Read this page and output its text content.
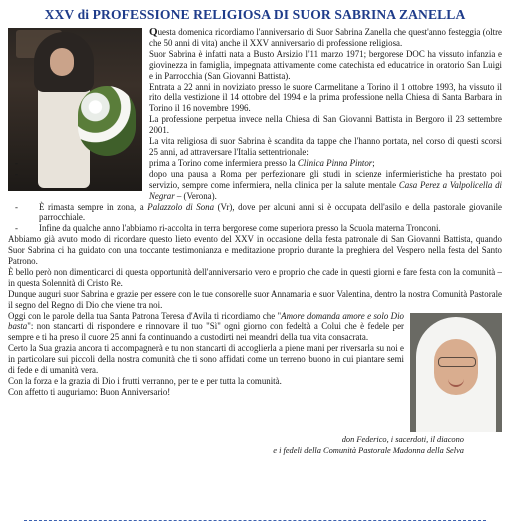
XXV di PROFESSIONE RELIGIOSA DI SUOR SABRINA ZANELLA

Questa domenica ricordiamo l'anniversario di Suor Sabrina Zanella che quest'anno festeggia (oltre che 50 anni di vita) anche il XXV anniversario di professione religiosa.

Suor Sabrina è infatti nata a Busto Arsizio l'11 marzo 1971; bergorese DOC ha vissuto infanzia e giovinezza in famiglia, impegnata attivamente come catechista ed educatrice in oratorio San Luigi e in Parrocchia (San Giovanni Battista).

Entrata a 22 anni in noviziato presso le suore Carmelitane a Torino il 1 ottobre 1993, ha vissuto il rito della vestizione il 14 ottobre del 1994 e la prima professione nella Chiesa di Santa Barbara in Torino il 16 novembre 1996.

La professione perpetua invece nella Chiesa di San Giovanni Battista in Bergoro il 23 settembre 2001.

La vita religiosa di suor Sabrina è scandita da tappe che l'hanno portata, nel corso di questi scorsi 25 anni, ad attraversare l'Italia settentrionale:

- prima a Torino come infermiera presso la Clinica Pinna Pintor;
- dopo una pausa a Roma per perfezionare gli studi in scienze infermieristiche ha prestato poi servizio, sempre come infermiera, nella clinica per la salute mentale Casa Perez a Valpolicella di Negrar – (Verona).
- È rimasta sempre in zona, a Palazzolo di Sona (Vr), dove per alcuni anni si è occupata dell'asilo e della pastorale giovanile parrocchiale.
- Infine da qualche anno l'abbiamo ri-accolta in terra bergorese come superiora presso la Scuola materna Tronconi.

Abbiamo già avuto modo di ricordare questo lieto evento del XXV in occasione della festa patronale di San Giovanni Battista, quando Suor Sabrina ci ha guidato con una toccante testimonianza e meditazione proprio durante la preghiera del Vespero nella festa del Santo Patrono.

È bello però non dimenticarci di questa opportunità dell'anniversario vero e proprio che cade in questi giorni e fare festa con la comunità – in questa Solennità di Cristo Re.

Dunque auguri suor Sabrina e grazie per essere con le tue consorelle suor Annamaria e suor Valentina, dentro la nostra Comunità Pastorale il segno del Regno di Dio che viene tra noi.

Oggi con le parole della tua Santa Patrona Teresa d'Avila ti ricordiamo che "Amore domanda amore e solo Dio basta": non stancarti di rispondere e rinnovare il tuo "Sì" ogni giorno con fedeltà a Colui che è fedele per sempre e ti ha preso il cuore 25 anni fa continuando a custodirti nei meandri della tua vita consacrata.

Certo la Sua grazia ancora ti accompagnerà e tu non stancarti di accoglierla a piene mani per riversarla su noi e in particolare sui piccoli della nostra comunità che ti sono affidati come un terreno buono in cui piantare semi di fede e di umanità vera.

Con la forza e la grazia di Dio i frutti verranno, per te e per tutta la comunità.

Con affetto ti auguriamo: Buon Anniversario!

don Federico, i sacerdoti, il diacono
e i fedeli della Comunità Pastorale Madonna della Selva
